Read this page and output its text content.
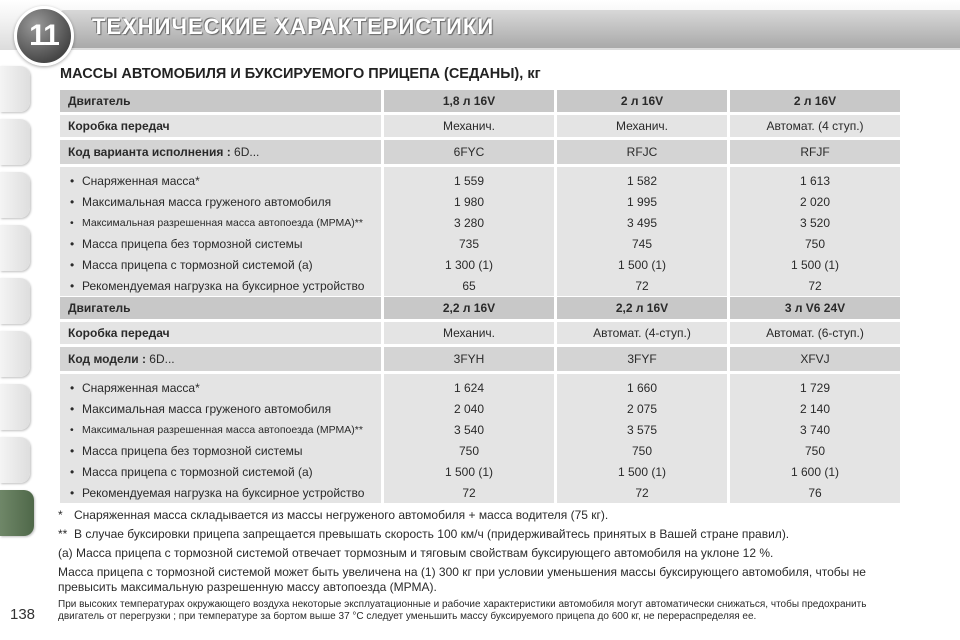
11 ТЕХНИЧЕСКИЕ ХАРАКТЕРИСТИКИ
МАССЫ АВТОМОБИЛЯ И БУКСИРУЕМОГО ПРИЦЕПА (СЕДАНЫ), кг
Двигатель	1,8 л 16V	2 л 16V	2 л 16V

Коробка передач	Механич.	Механич.	Автомат. (4 ступ.)

Код варианта исполнения : 6D...	6FYC	RFJC	RFJF

• Снаряженная масса*	1 559	1 582	1 613
• Максимальная масса груженого автомобиля	1 980	1 995	2 020
• Максимальная разрешенная масса автопоезда (МРМА)**	3 280	3 495	3 520
• Масса прицепа без тормозной системы	735	745	750
• Масса прицепа с тормозной системой (а)	1 300 (1)	1 500 (1)	1 500 (1)
• Рекомендуемая нагрузка на буксирное устройство	65	72	72
Двигатель	2,2 л 16V	2,2 л 16V	3 л V6 24V

Коробка передач	Механич.	Автомат. (4-ступ.)	Автомат. (6-ступ.)

Код модели : 6D...	3FYH	3FYF	XFVJ

• Снаряженная масса*	1 624	1 660	1 729
• Максимальная масса груженого автомобиля	2 040	2 075	2 140
• Максимальная разрешенная масса автопоезда (МРМА)**	3 540	3 575	3 740
• Масса прицепа без тормозной системы	750	750	750
• Масса прицепа с тормозной системой (а)	1 500 (1)	1 500 (1)	1 600 (1)
• Рекомендуемая нагрузка на буксирное устройство	72	72	76

* Снаряженная масса складывается из массы негруженого автомобиля + масса водителя (75 кг).

** В случае буксировки прицепа запрещается превышать скорость 100 км/ч (придерживайтесь принятых в Вашей стране правил).

(а) Масса прицепа с тормозной системой отвечает тормозным и тяговым свойствам буксирующего автомобиля на уклоне 12 %.

Масса прицепа с тормозной системой может быть увеличена на (1) 300 кг при условии уменьшения массы буксирующего автомобиля, чтобы не превысить максимальную разрешенную массу автопоезда (МРМА).

При высоких температурах окружающего воздуха некоторые эксплуатационные и рабочие характеристики автомобиля могут автоматически снижаться, чтобы предохранить двигатель от перегрузки ; при температуре за бортом выше 37 °С следует уменьшить массу буксируемого прицепа до 600 кг, не перераспределяя ее.

138
